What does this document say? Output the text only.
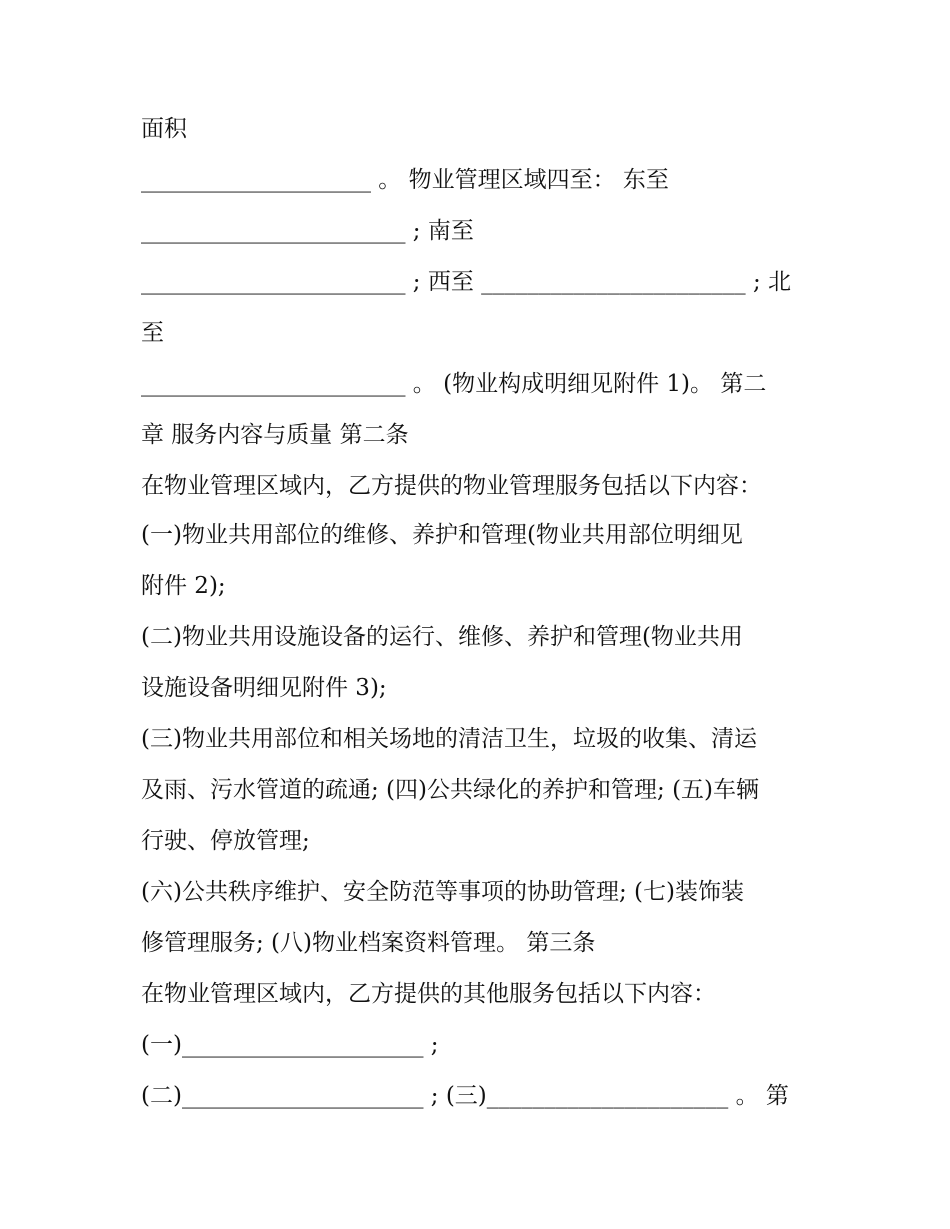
面积
____________________ 。 物业管理区域四至： 东至
_______________________ ; 南至
_______________________ ; 西至 _______________________ ; 北
至
_______________________ 。 (物业构成明细见附件 1)。 第二
章 服务内容与质量 第二条
在物业管理区域内，乙方提供的物业管理服务包括以下内容：
(一)物业共用部位的维修、养护和管理(物业共用部位明细见
附件 2);
(二)物业共用设施设备的运行、维修、养护和管理(物业共用
设施设备明细见附件 3);
(三)物业共用部位和相关场地的清洁卫生，垃圾的收集、清运
及雨、污水管道的疏通; (四)公共绿化的养护和管理; (五)车辆
行驶、停放管理;
(六)公共秩序维护、安全防范等事项的协助管理; (七)装饰装
修管理服务; (八)物业档案资料管理。 第三条
在物业管理区域内，乙方提供的其他服务包括以下内容：
(一)_____________________ ;
(二)_____________________ ; (三)_____________________ 。 第
